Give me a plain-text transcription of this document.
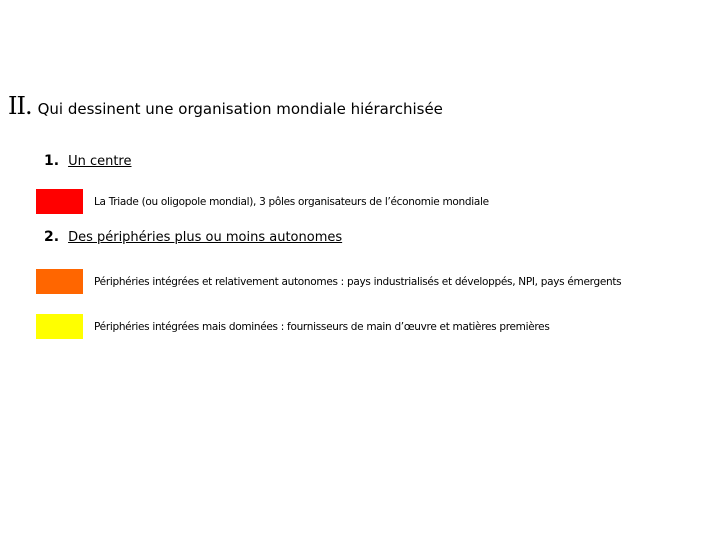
II. Qui dessinent une organisation mondiale hiérarchisée
1. Un centre
La Triade (ou oligopole mondial), 3 pôles organisateurs de l’économie mondiale
2. Des périphéries plus ou moins autonomes
Périphéries intégrées et relativement autonomes : pays industrialisés et développés, NPI, pays émergents
Périphéries intégrées mais dominées : fournisseurs de main d’œuvre et matières premières
